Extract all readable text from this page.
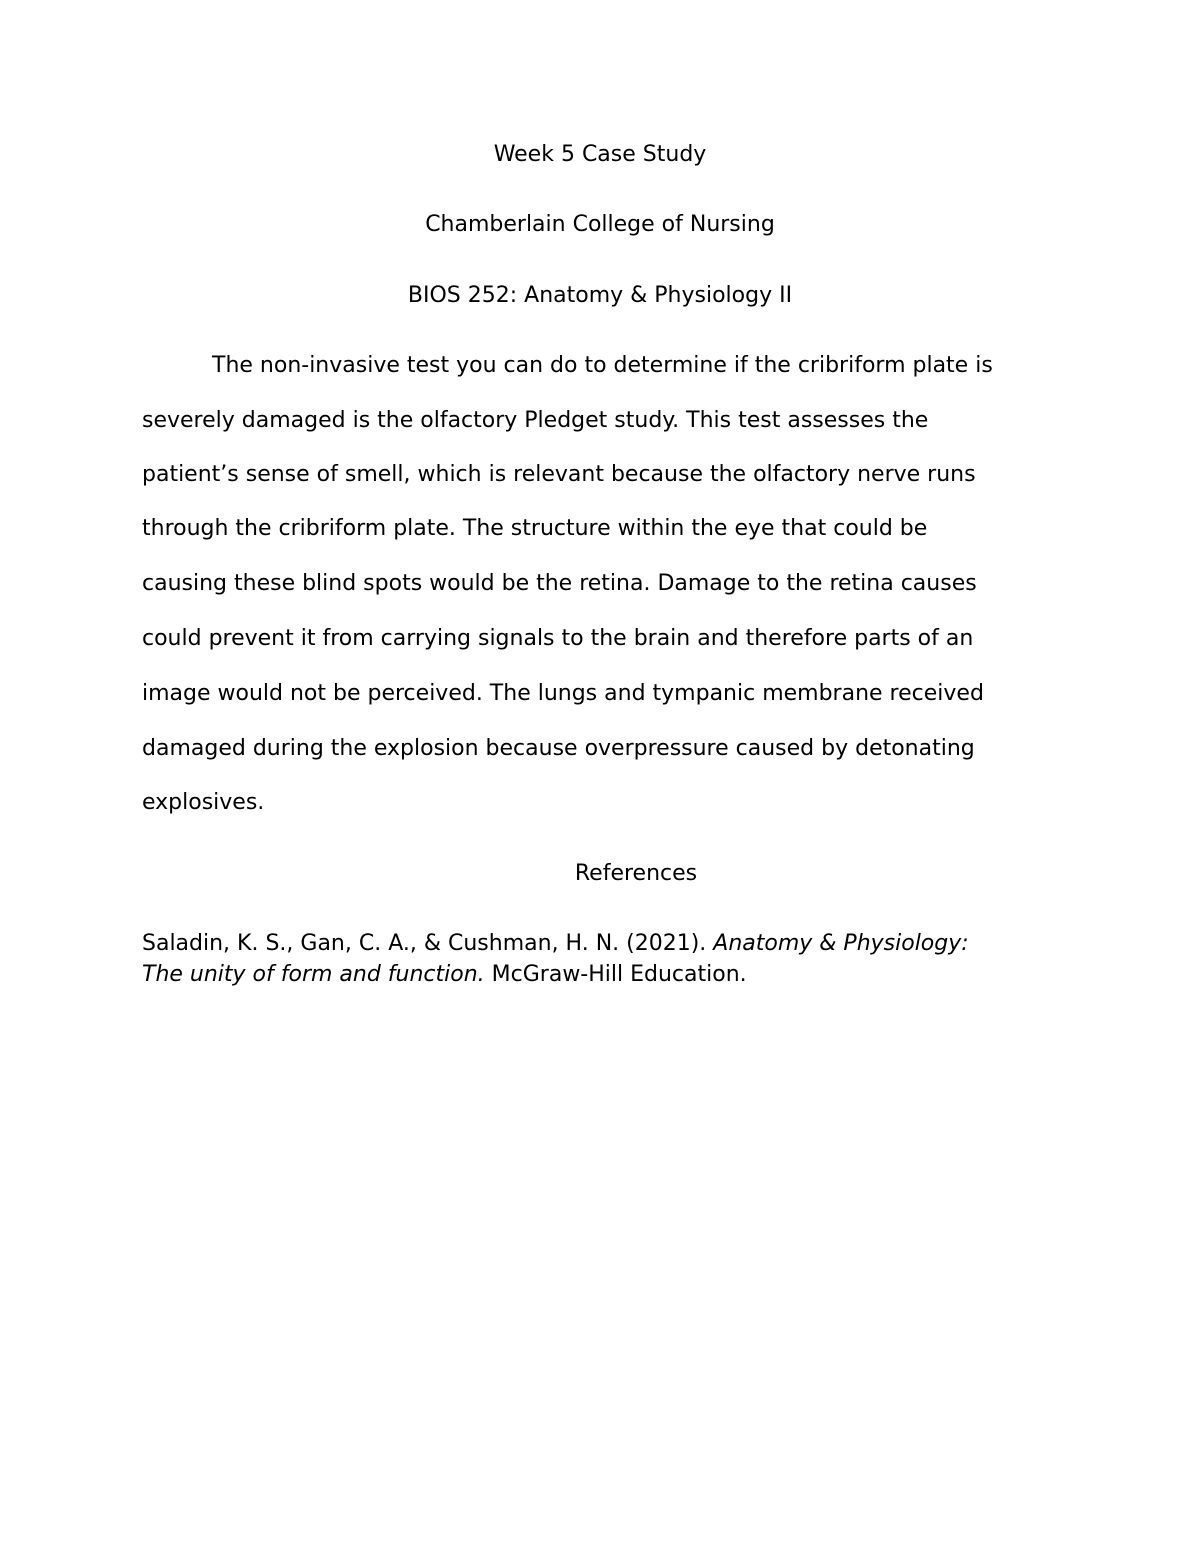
Week 5 Case Study
Chamberlain College of Nursing
BIOS 252: Anatomy & Physiology II
The non-invasive test you can do to determine if the cribriform plate is
severely damaged is the olfactory Pledget study. This test assesses the
patient’s sense of smell, which is relevant because the olfactory nerve runs
through the cribriform plate. The structure within the eye that could be
causing these blind spots would be the retina. Damage to the retina causes
could prevent it from carrying signals to the brain and therefore parts of an
image would not be perceived. The lungs and tympanic membrane received
damaged during the explosion because overpressure caused by detonating
explosives.
References
Saladin, K. S., Gan, C. A., & Cushman, H. N. (2021). Anatomy & Physiology:
The unity of form and function. McGraw-Hill Education.
